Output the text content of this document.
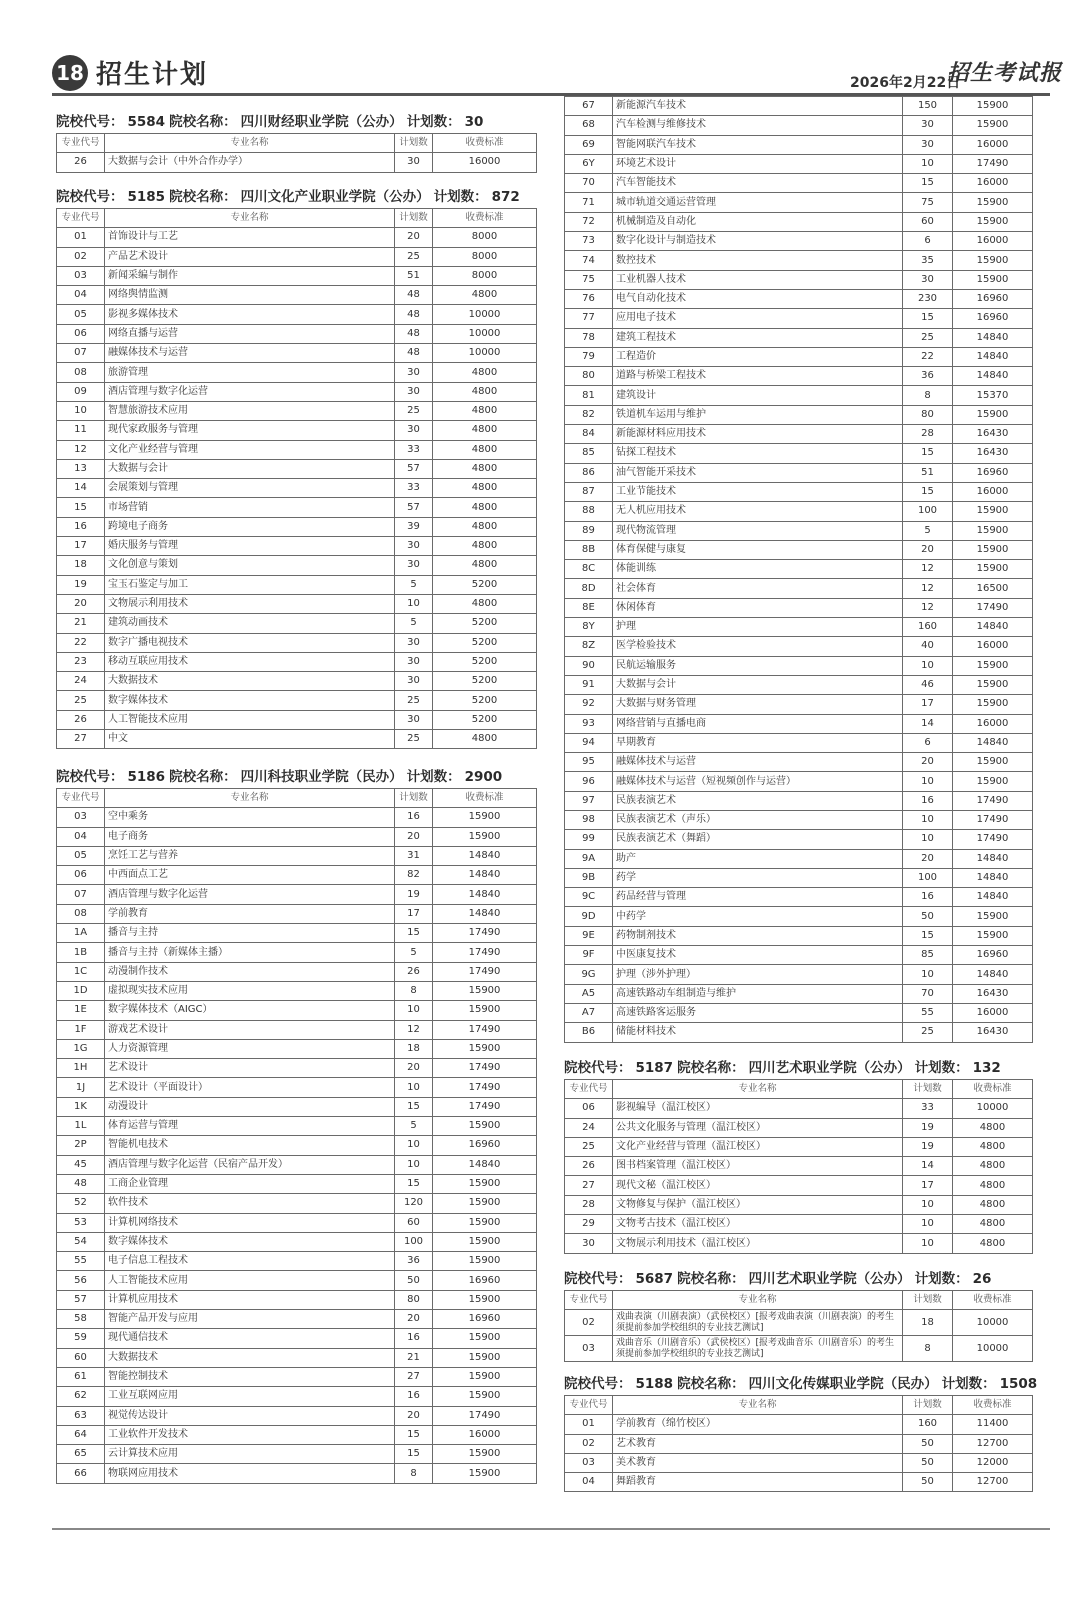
18 招生计划	2026年2月22日
招生考试报
院校代号： 5584 院校名称： 四川财经职业学院（公办） 计划数： 30
专业代号	专业名称	计划数	收费标准
26	大数据与会计（中外合作办学）	30	16000
院校代号： 5185 院校名称： 四川文化产业职业学院（公办） 计划数： 872
专业代号	专业名称	计划数	收费标准
01	首饰设计与工艺	20	8000
02	产品艺术设计	25	8000
03	新闻采编与制作	51	8000
04	网络舆情监测	48	4800
05	影视多媒体技术	48	10000
06	网络直播与运营	48	10000
07	融媒体技术与运营	48	10000
08	旅游管理	30	4800
09	酒店管理与数字化运营	30	4800
10	智慧旅游技术应用	25	4800
11	现代家政服务与管理	30	4800
12	文化产业经营与管理	33	4800
13	大数据与会计	57	4800
14	会展策划与管理	33	4800
15	市场营销	57	4800
16	跨境电子商务	39	4800
17	婚庆服务与管理	30	4800
18	文化创意与策划	30	4800
19	宝玉石鉴定与加工	5	5200
20	文物展示利用技术	10	4800
21	建筑动画技术	5	5200
22	数字广播电视技术	30	5200
23	移动互联应用技术	30	5200
24	大数据技术	30	5200
25	数字媒体技术	25	5200
26	人工智能技术应用	30	5200
27	中文	25	4800
院校代号： 5186 院校名称： 四川科技职业学院（民办） 计划数： 2900
专业代号	专业名称	计划数	收费标准
03	空中乘务	16	15900
04	电子商务	20	15900
05	烹饪工艺与营养	31	14840
06	中西面点工艺	82	14840
07	酒店管理与数字化运营	19	14840
08	学前教育	17	14840
1A	播音与主持	15	17490
1B	播音与主持（新媒体主播）	5	17490
1C	动漫制作技术	26	17490
1D	虚拟现实技术应用	8	15900
1E	数字媒体技术（AIGC）	10	15900
1F	游戏艺术设计	12	17490
1G	人力资源管理	18	15900
1H	艺术设计	20	17490
1J	艺术设计（平面设计）	10	17490
1K	动漫设计	15	17490
1L	体育运营与管理	5	15900
2P	智能机电技术	10	16960
45	酒店管理与数字化运营（民宿产品开发）	10	14840
48	工商企业管理	15	15900
52	软件技术	120	15900
53	计算机网络技术	60	15900
54	数字媒体技术	100	15900
55	电子信息工程技术	36	15900
56	人工智能技术应用	50	16960
57	计算机应用技术	80	15900
58	智能产品开发与应用	20	16960
59	现代通信技术	16	15900
60	大数据技术	21	15900
61	智能控制技术	27	15900
62	工业互联网应用	16	15900
63	视觉传达设计	20	17490
64	工业软件开发技术	15	16000
65	云计算技术应用	15	15900
66	物联网应用技术	8	15900
67	新能源汽车技术	150	15900
68	汽车检测与维修技术	30	15900
69	智能网联汽车技术	30	16000
6Y	环境艺术设计	10	17490
70	汽车智能技术	15	16000
71	城市轨道交通运营管理	75	15900
72	机械制造及自动化	60	15900
73	数字化设计与制造技术	6	16000
74	数控技术	35	15900
75	工业机器人技术	30	15900
76	电气自动化技术	230	16960
77	应用电子技术	15	16960
78	建筑工程技术	25	14840
79	工程造价	22	14840
80	道路与桥梁工程技术	36	14840
81	建筑设计	8	15370
82	铁道机车运用与维护	80	15900
84	新能源材料应用技术	28	16430
85	钻探工程技术	15	16430
86	油气智能开采技术	51	16960
87	工业节能技术	15	16000
88	无人机应用技术	100	15900
89	现代物流管理	5	15900
8B	体育保健与康复	20	15900
8C	体能训练	12	15900
8D	社会体育	12	16500
8E	休闲体育	12	17490
8Y	护理	160	14840
8Z	医学检验技术	40	16000
90	民航运输服务	10	15900
91	大数据与会计	46	15900
92	大数据与财务管理	17	15900
93	网络营销与直播电商	14	16000
94	早期教育	6	14840
95	融媒体技术与运营	20	15900
96	融媒体技术与运营（短视频创作与运营）	10	15900
97	民族表演艺术	16	17490
98	民族表演艺术（声乐）	10	17490
99	民族表演艺术（舞蹈）	10	17490
9A	助产	20	14840
9B	药学	100	14840
9C	药品经营与管理	16	14840
9D	中药学	50	15900
9E	药物制剂技术	15	15900
9F	中医康复技术	85	16960
9G	护理（涉外护理）	10	14840
A5	高速铁路动车组制造与维护	70	16430
A7	高速铁路客运服务	55	16000
B6	储能材料技术	25	16430
院校代号： 5187 院校名称： 四川艺术职业学院（公办） 计划数： 132
专业代号	专业名称	计划数	收费标准
06	影视编导（温江校区）	33	10000
24	公共文化服务与管理（温江校区）	19	4800
25	文化产业经营与管理（温江校区）	19	4800
26	图书档案管理（温江校区）	14	4800
27	现代文秘（温江校区）	17	4800
28	文物修复与保护（温江校区）	10	4800
29	文物考古技术（温江校区）	10	4800
30	文物展示利用技术（温江校区）	10	4800
院校代号： 5687 院校名称： 四川艺术职业学院（公办） 计划数： 26
专业代号	专业名称	计划数	收费标准
02	戏曲表演（川剧表演）（武侯校区）[报考戏曲表演（川剧表演）的考生须提前参加学校组织的专业技艺测试]	18	10000
03	戏曲音乐（川剧音乐）（武侯校区）[报考戏曲音乐（川剧音乐）的考生须提前参加学校组织的专业技艺测试]	8	10000
院校代号： 5188 院校名称： 四川文化传媒职业学院（民办） 计划数： 1508
专业代号	专业名称	计划数	收费标准
01	学前教育（绵竹校区）	160	11400
02	艺术教育	50	12700
03	美术教育	50	12000
04	舞蹈教育	50	12700
